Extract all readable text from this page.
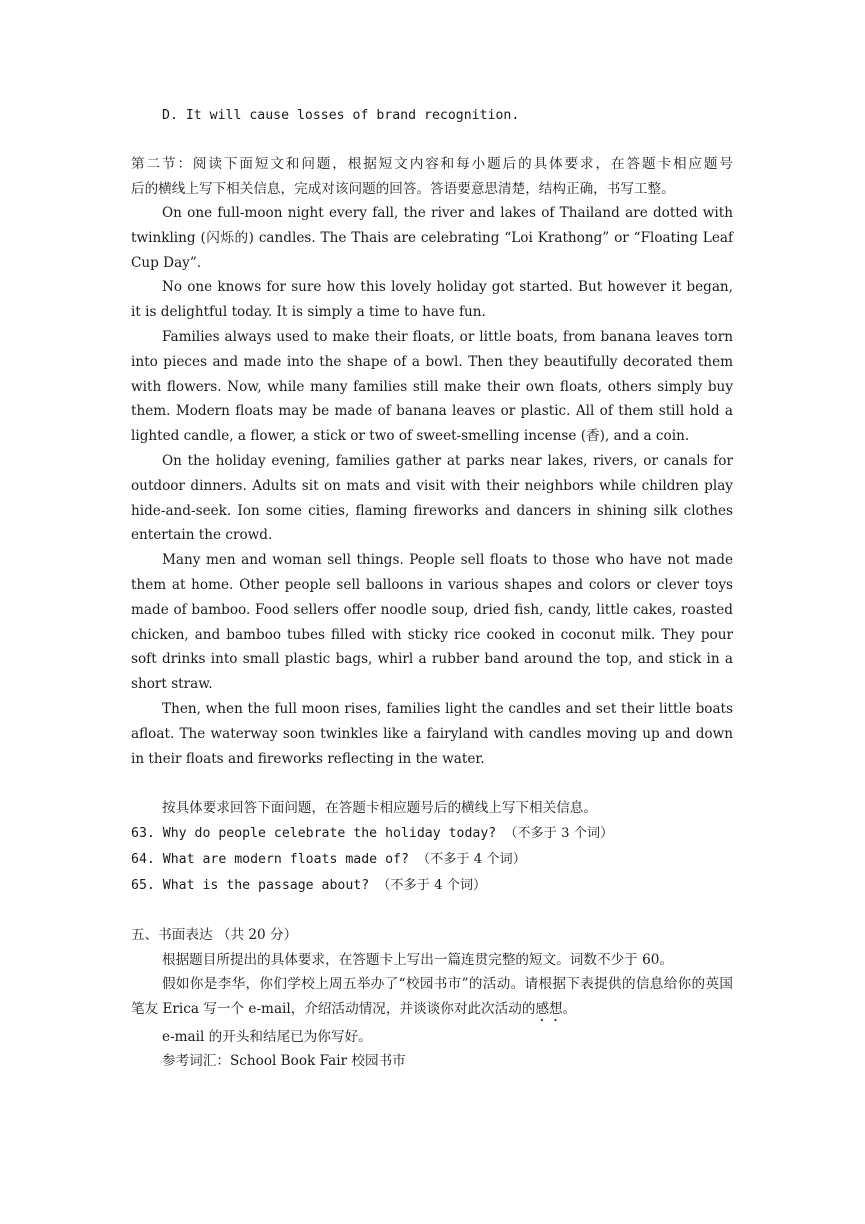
D. It will cause losses of brand recognition.
第二节：阅读下面短文和问题，根据短文内容和每小题后的具体要求，在答题卡相应题号
后的横线上写下相关信息，完成对该问题的回答。答语要意思清楚，结构正确，书写工整。
On one full-moon night every fall, the river and lakes of Thailand are dotted with twinkling (闪烁的) candles. The Thais are celebrating “Loi Krathong” or “Floating Leaf Cup Day”.
No one knows for sure how this lovely holiday got started. But however it began, it is delightful today. It is simply a time to have fun.
Families always used to make their floats, or little boats, from banana leaves torn into pieces and made into the shape of a bowl. Then they beautifully decorated them with flowers. Now, while many families still make their own floats, others simply buy them. Modern floats may be made of banana leaves or plastic. All of them still hold a lighted candle, a flower, a stick or two of sweet-smelling incense (香), and a coin.
On the holiday evening, families gather at parks near lakes, rivers, or canals for outdoor dinners. Adults sit on mats and visit with their neighbors while children play hide-and-seek. Ion some cities, flaming fireworks and dancers in shining silk clothes entertain the crowd.
Many men and woman sell things. People sell floats to those who have not made them at home. Other people sell balloons in various shapes and colors or clever toys made of bamboo. Food sellers offer noodle soup, dried fish, candy, little cakes, roasted chicken, and bamboo tubes filled with sticky rice cooked in coconut milk. They pour soft drinks into small plastic bags, whirl a rubber band around the top, and stick in a short straw.
Then, when the full moon rises, families light the candles and set their little boats afloat. The waterway soon twinkles like a fairyland with candles moving up and down in their floats and fireworks reflecting in the water.
按具体要求回答下面问题，在答题卡相应题号后的横线上写下相关信息。
63. Why do people celebrate the holiday today? （不多于 3 个词）
64. What are modern floats made of? （不多于 4 个词）
65. What is the passage about? （不多于 4 个词）
五、书面表达 （共 20 分）
根据题目所提出的具体要求，在答题卡上写出一篇连贯完整的短文。词数不少于 60。
假如你是李华，你们学校上周五举办了“校园书市”的活动。请根据下表提供的信息给你的英国笔友 Erica 写一个 e-mail，介绍活动情况，并谈谈你对此次活动的感想。
e-mail 的开头和结尾已为你写好。
参考词汇：School Book Fair 校园书市
